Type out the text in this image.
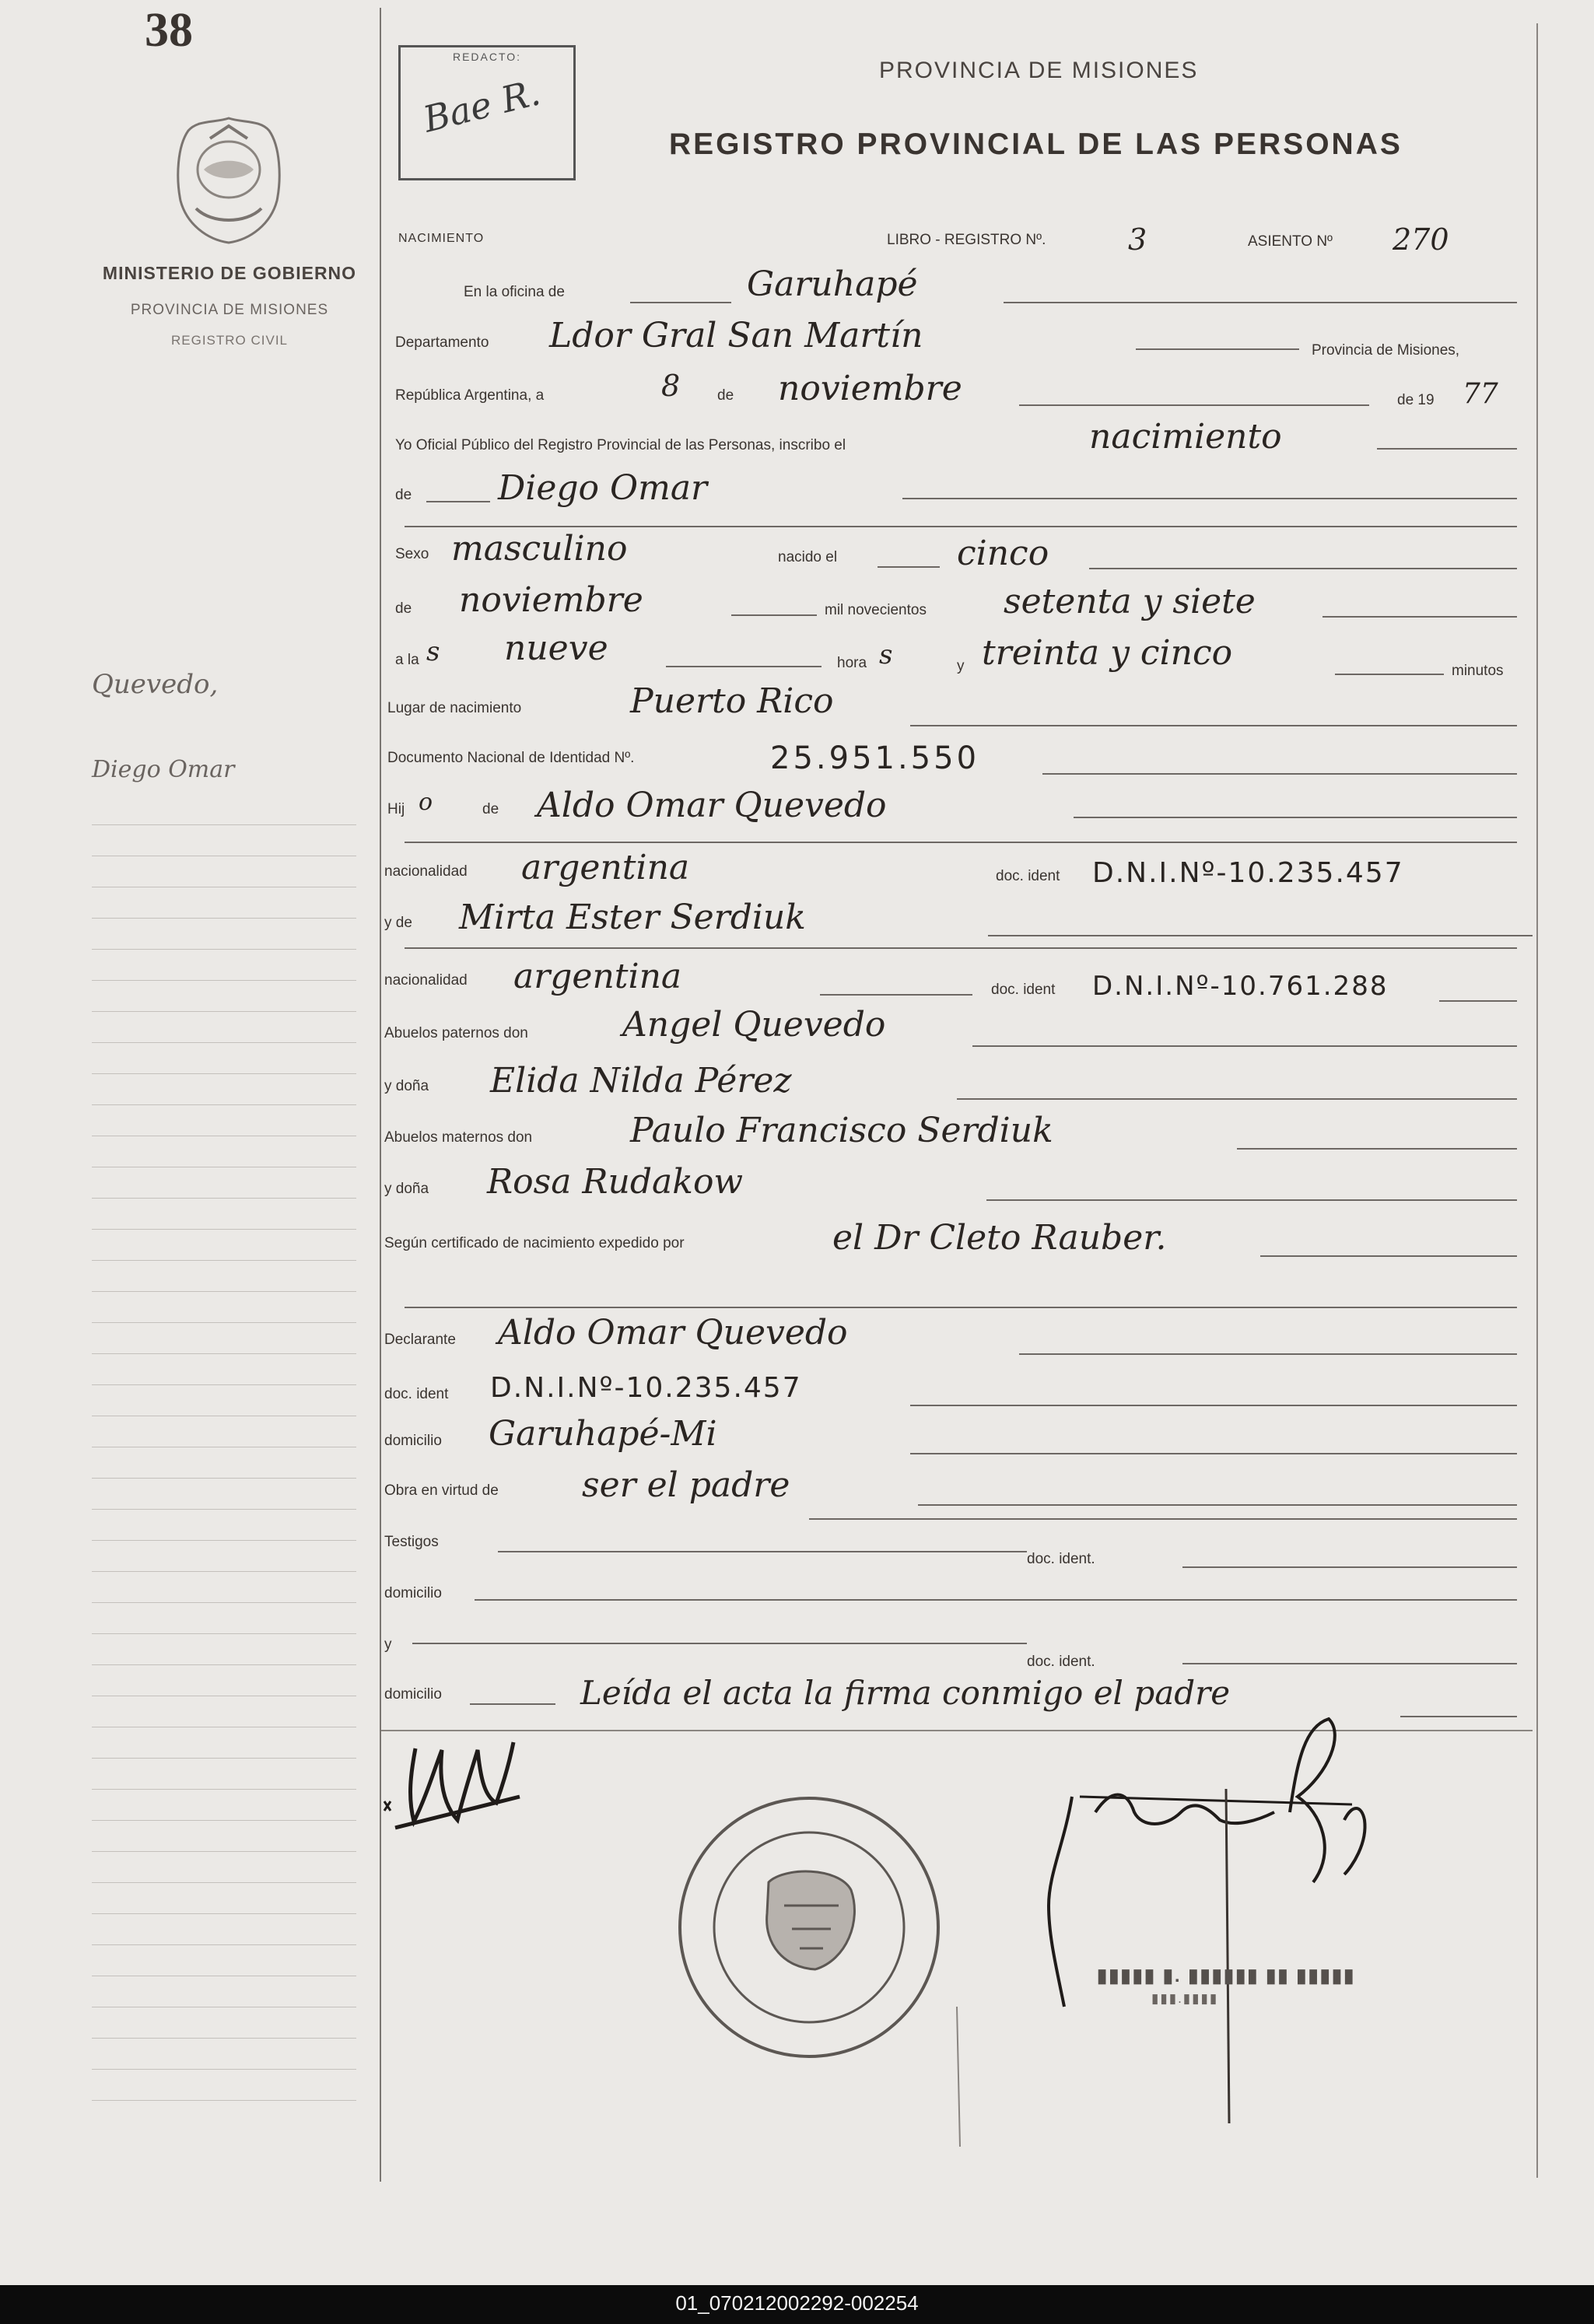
38
MINISTERIO DE GOBIERNO
PROVINCIA DE MISIONES
REGISTRO CIVIL
Quevedo,
Diego Omar
REDACTO:
Bae R.
PROVINCIA DE MISIONES
REGISTRO PROVINCIAL DE LAS PERSONAS
NACIMIENTO	LIBRO - REGISTRO Nº.	3	ASIENTO Nº 270
En la oficina de	Garuhapé
Departamento Ldor Gral San Martín	Provincia de Misiones,
República Argentina, a	8	de noviembre	de 19 77
Yo Oficial Público del Registro Provincial de las Personas, inscribo el	nacimiento
de	Diego Omar
Sexo masculino	nacido el	cinco
de noviembre	mil novecientos setenta y siete
a la s nueve	hora s	y treinta y cinco	minutos
Lugar de nacimiento	Puerto Rico
Documento Nacional de Identidad Nº.	25.951.550
Hij o	de Aldo Omar Quevedo
nacionalidad argentina	doc. ident D.N.I.Nº-10.235.457
y de Mirta Ester Serdiuk
nacionalidad argentina	doc. ident D.N.I.Nº-10.761.288
Abuelos paternos don	Angel Quevedo
y doña Elida Nilda Pérez
Abuelos maternos don	Paulo Francisco Serdiuk
y doña Rosa Rudakow
Según certificado de nacimiento expedido por	el Dr Cleto Rauber.
Declarante Aldo Omar Quevedo
doc. ident D.N.I.Nº-10.235.457
domicilio Garuhapé-Mi
Obra en virtud de ser el padre
Testigos
doc. ident.
domicilio
y
doc. ident.
domicilio	Leída el acta la firma conmigo el padre
▮▮▮▮▮ ▮. ▮▮▮▮▮▮ ▮▮ ▮▮▮▮▮
▮▮▮.▮▮▮▮
01_070212002292-002254
